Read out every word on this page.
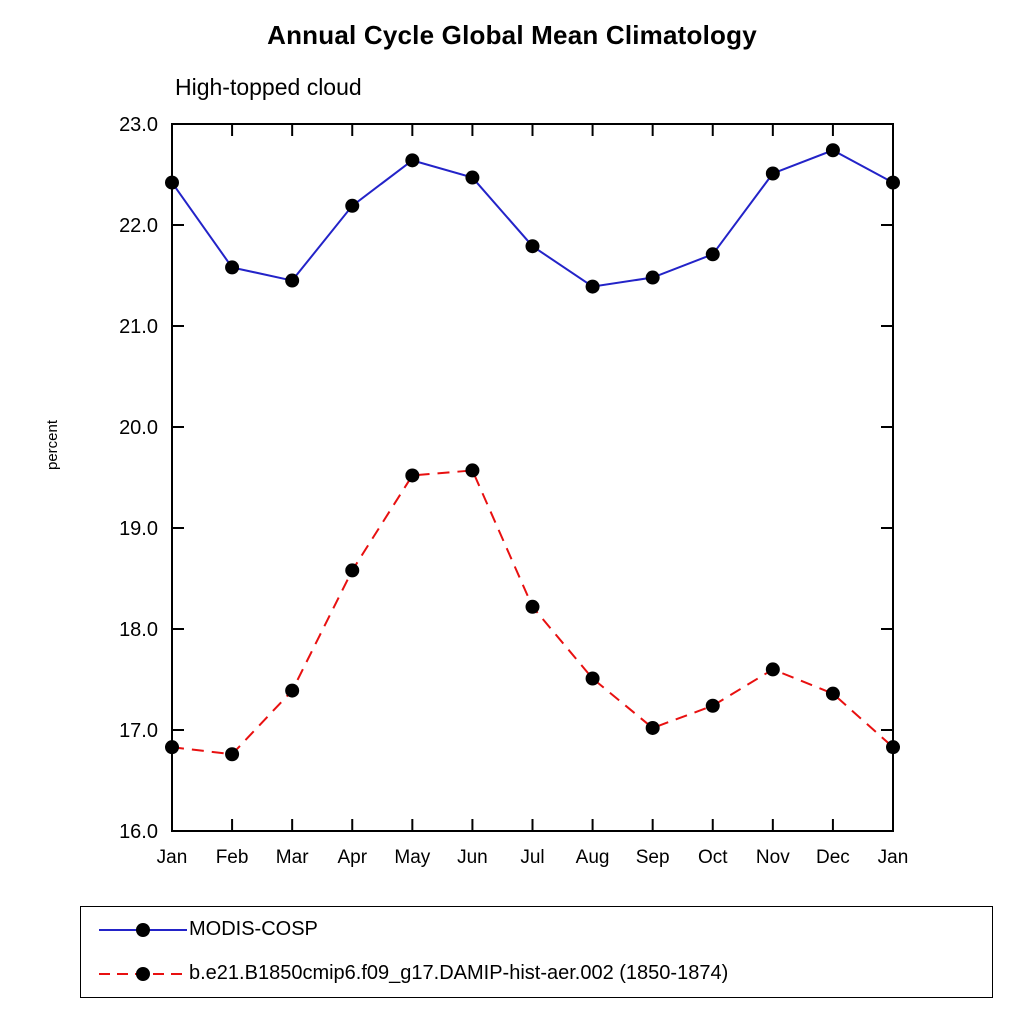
Annual Cycle Global Mean Climatology
High-topped cloud
percent
16.0
17.0
18.0
19.0
20.0
21.0
22.0
23.0
Jan Feb Mar Apr May Jun Jul Aug Sep Oct Nov Dec Jan
MODIS-COSP
b.e21.B1850cmip6.f09_g17.DAMIP-hist-aer.002 (1850-1874)
